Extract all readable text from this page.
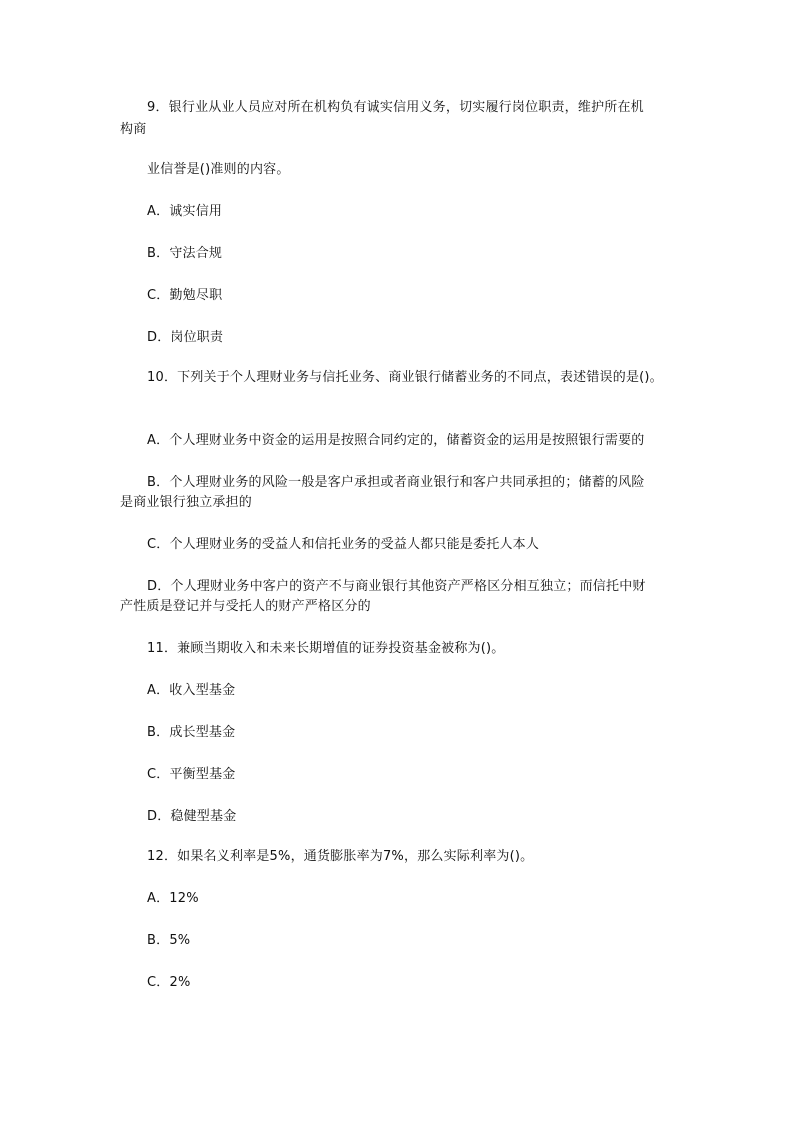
9．银行业从业人员应对所在机构负有诚实信用义务，切实履行岗位职责，维护所在机
构商
业信誉是()准则的内容。
A．诚实信用
B．守法合规
C．勤勉尽职
D．岗位职责
10．下列关于个人理财业务与信托业务、商业银行储蓄业务的不同点，表述错误的是()。
A．个人理财业务中资金的运用是按照合同约定的，储蓄资金的运用是按照银行需要的
B．个人理财业务的风险一般是客户承担或者商业银行和客户共同承担的；储蓄的风险
是商业银行独立承担的
C．个人理财业务的受益人和信托业务的受益人都只能是委托人本人
D．个人理财业务中客户的资产不与商业银行其他资产严格区分相互独立；而信托中财
产性质是登记并与受托人的财产严格区分的
11．兼顾当期收入和未来长期增值的证券投资基金被称为()。
A．收入型基金
B．成长型基金
C．平衡型基金
D．稳健型基金
12．如果名义利率是5%，通货膨胀率为7%，那么实际利率为()。
A．12%
B．5%
C．2%
